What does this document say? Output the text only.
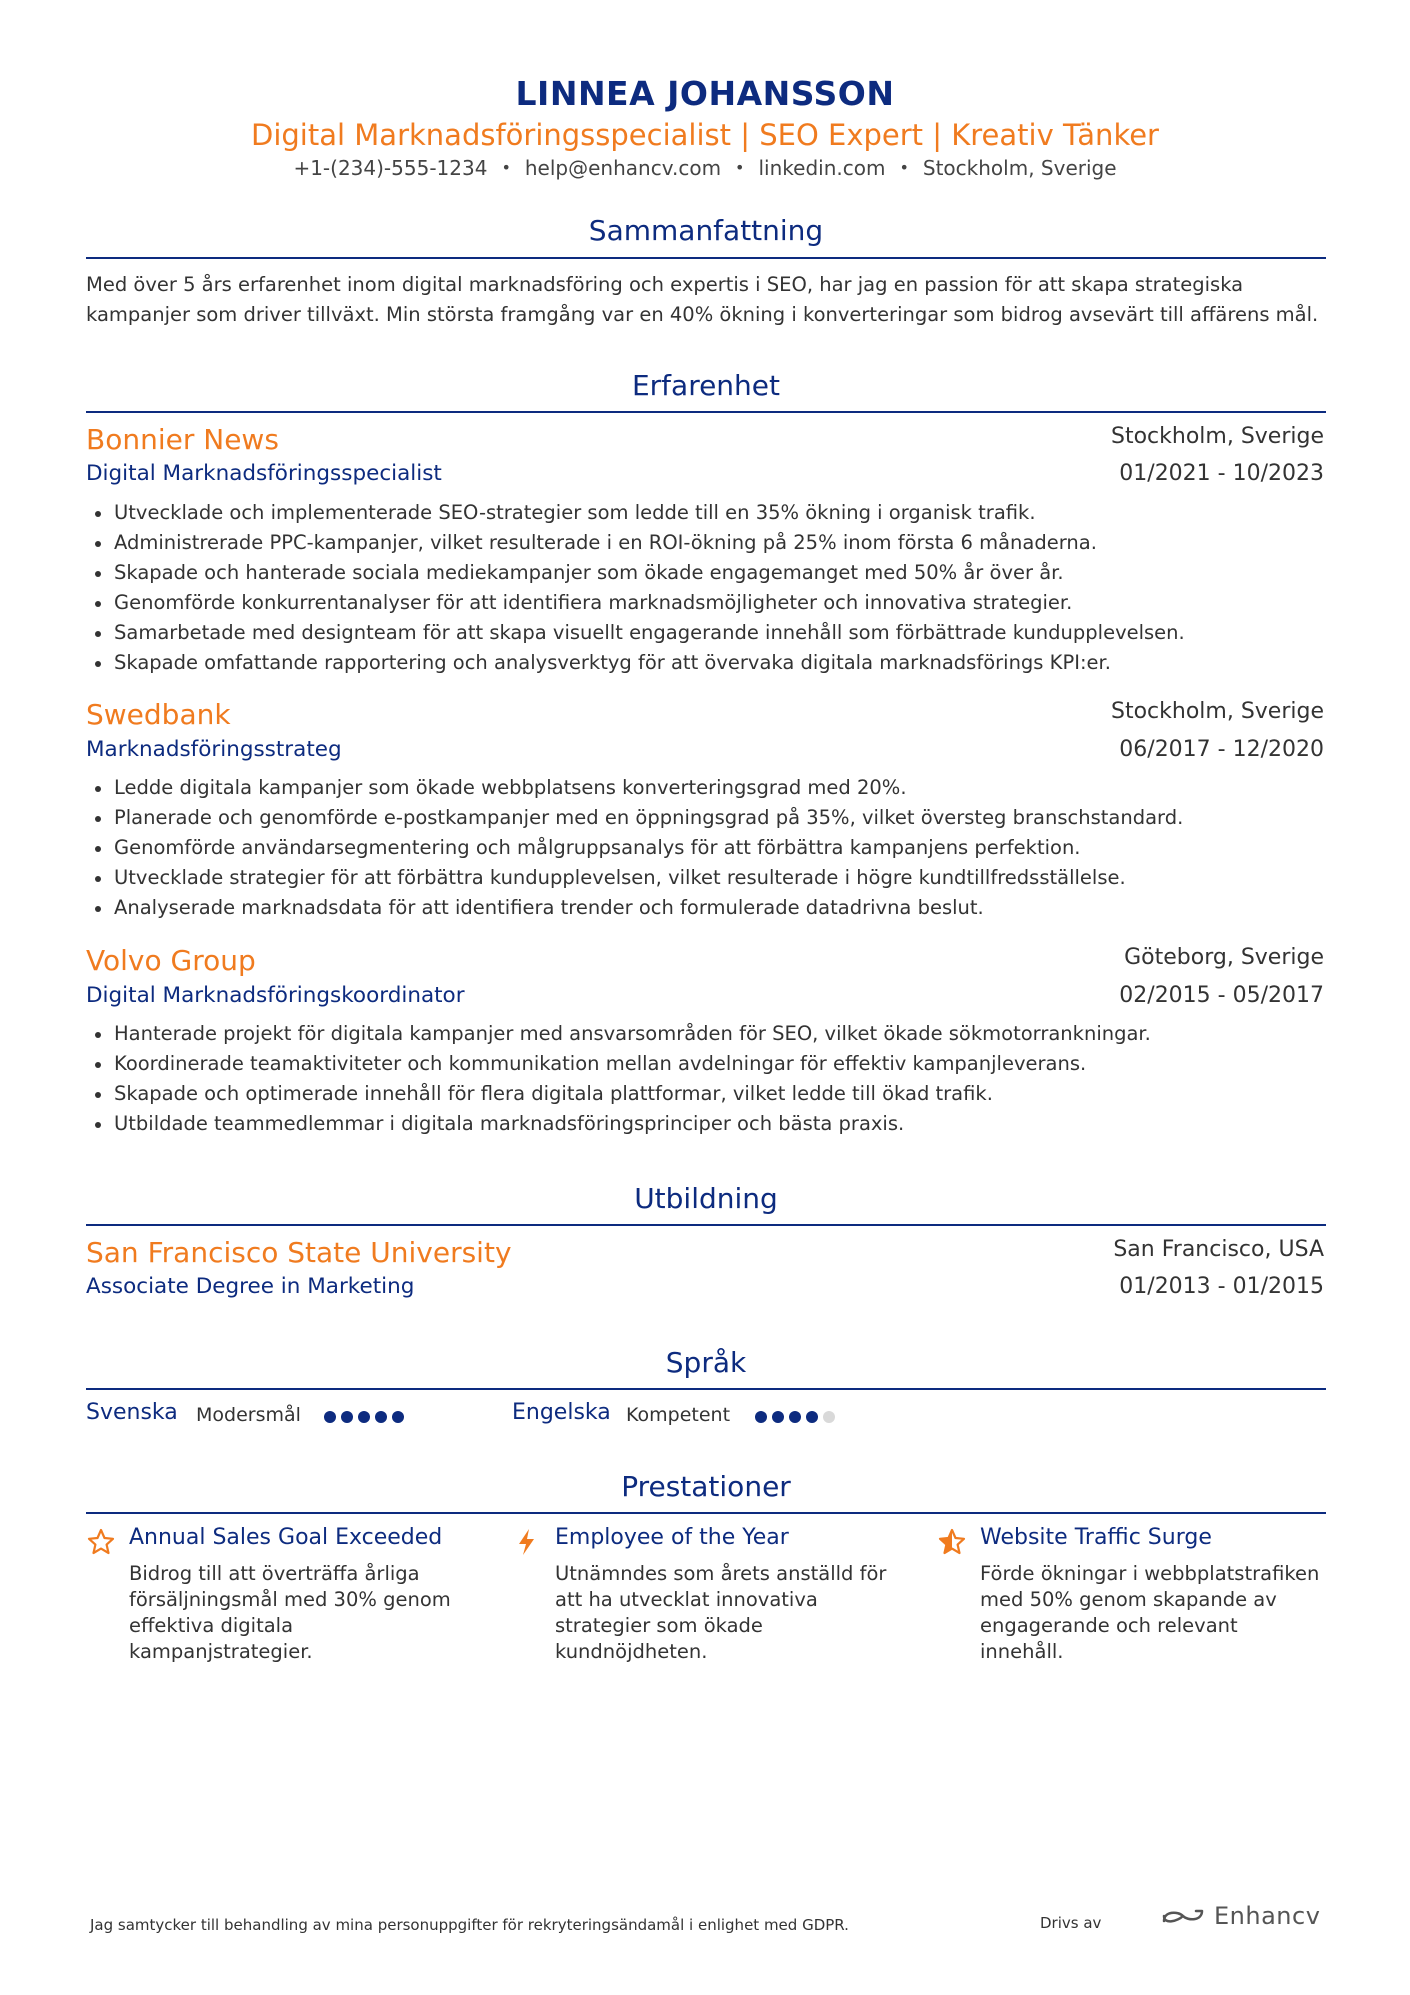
LINNEA JOHANSSON
Digital Marknadsföringsspecialist | SEO Expert | Kreativ Tänker
+1-(234)-555-1234 • help@enhancv.com • linkedin.com • Stockholm, Sverige
Sammanfattning
Med över 5 års erfarenhet inom digital marknadsföring och expertis i SEO, har jag en passion för att skapa strategiska kampanjer som driver tillväxt. Min största framgång var en 40% ökning i konverteringar som bidrog avsevärt till affärens mål.
Erfarenhet
Bonnier News	Stockholm, Sverige
Digital Marknadsföringsspecialist	01/2021 - 10/2023
Utvecklade och implementerade SEO-strategier som ledde till en 35% ökning i organisk trafik.
Administrerade PPC-kampanjer, vilket resulterade i en ROI-ökning på 25% inom första 6 månaderna.
Skapade och hanterade sociala mediekampanjer som ökade engagemanget med 50% år över år.
Genomförde konkurrentanalyser för att identifiera marknadsmöjligheter och innovativa strategier.
Samarbetade med designteam för att skapa visuellt engagerande innehåll som förbättrade kundupplevelsen.
Skapade omfattande rapportering och analysverktyg för att övervaka digitala marknadsförings KPI:er.
Swedbank	Stockholm, Sverige
Marknadsföringsstrateg	06/2017 - 12/2020
Ledde digitala kampanjer som ökade webbplatsens konverteringsgrad med 20%.
Planerade och genomförde e-postkampanjer med en öppningsgrad på 35%, vilket översteg branschstandard.
Genomförde användarsegmentering och målgruppsanalys för att förbättra kampanjens perfektion.
Utvecklade strategier för att förbättra kundupplevelsen, vilket resulterade i högre kundtillfredsställelse.
Analyserade marknadsdata för att identifiera trender och formulerade datadrivna beslut.
Volvo Group	Göteborg, Sverige
Digital Marknadsföringskoordinator	02/2015 - 05/2017
Hanterade projekt för digitala kampanjer med ansvarsområden för SEO, vilket ökade sökmotorrankningar.
Koordinerade teamaktiviteter och kommunikation mellan avdelningar för effektiv kampanjleverans.
Skapade och optimerade innehåll för flera digitala plattformar, vilket ledde till ökad trafik.
Utbildade teammedlemmar i digitala marknadsföringsprinciper och bästa praxis.
Utbildning
San Francisco State University	San Francisco, USA
Associate Degree in Marketing	01/2013 - 01/2015
Språk
Svenska Modersmål	Engelska Kompetent
Prestationer
Annual Sales Goal Exceeded
Bidrog till att överträffa årliga försäljningsmål med 30% genom effektiva digitala kampanjstrategier.
Employee of the Year
Utnämndes som årets anställd för att ha utvecklat innovativa strategier som ökade kundnöjdheten.
Website Traffic Surge
Förde ökningar i webbplatstrafiken med 50% genom skapande av engagerande och relevant innehåll.
Jag samtycker till behandling av mina personuppgifter för rekryteringsändamål i enlighet med GDPR.	Drivs av	Enhancv
